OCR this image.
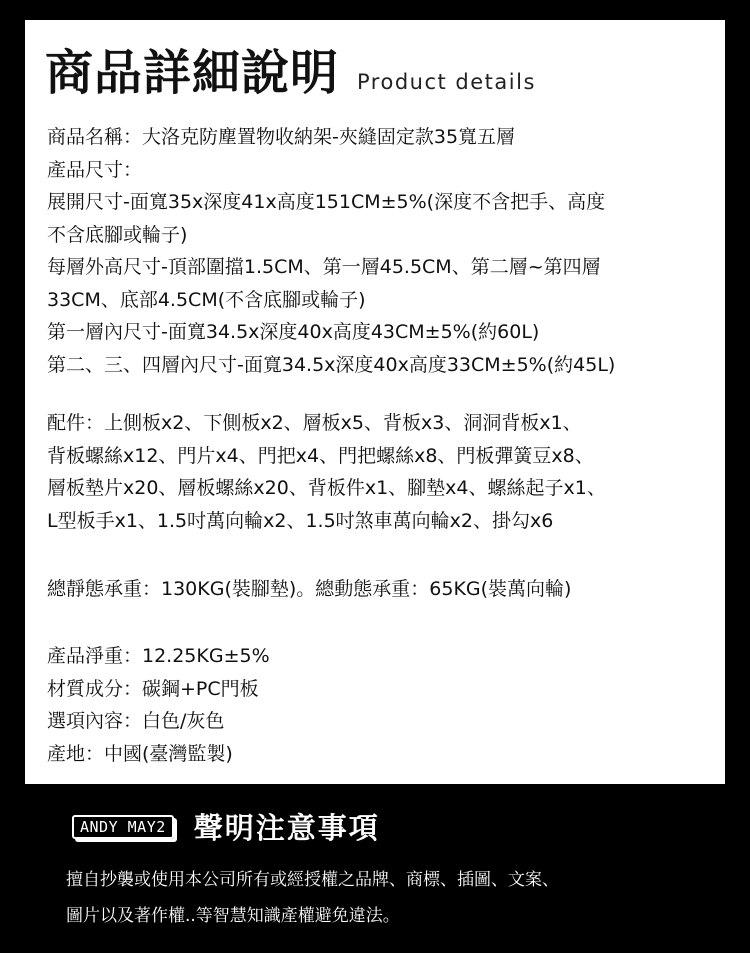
商品詳細說明 Product details

商品名稱：大洛克防塵置物收納架-夾縫固定款35寬五層

產品尺寸：

展開尺寸-面寬35x深度41x高度151CM±5%(深度不含把手、高度

不含底腳或輪子)

每層外高尺寸-頂部圍擋1.5CM、第一層45.5CM、第二層~第四層

33CM、底部4.5CM(不含底腳或輪子)

第一層內尺寸-面寬34.5x深度40x高度43CM±5%(約60L)

第二、三、四層內尺寸-面寬34.5x深度40x高度33CM±5%(約45L)

配件：上側板x2、下側板x2、層板x5、背板x3、洞洞背板x1、

背板螺絲x12、門片x4、門把x4、門把螺絲x8、門板彈簧豆x8、

層板墊片x20、層板螺絲x20、背板件x1、腳墊x4、螺絲起子x1、

L型板手x1、1.5吋萬向輪x2、1.5吋煞車萬向輪x2、掛勾x6

總靜態承重：130KG(裝腳墊)。總動態承重：65KG(裝萬向輪)

產品淨重：12.25KG±5%

材質成分：碳鋼+PC門板

選項內容：白色/灰色

產地：中國(臺灣監製)

ANDY MAY2 聲明注意事項

擅自抄襲或使用本公司所有或經授權之品牌、商標、插圖、文案、

圖片以及著作權..等智慧知識產權避免違法。
